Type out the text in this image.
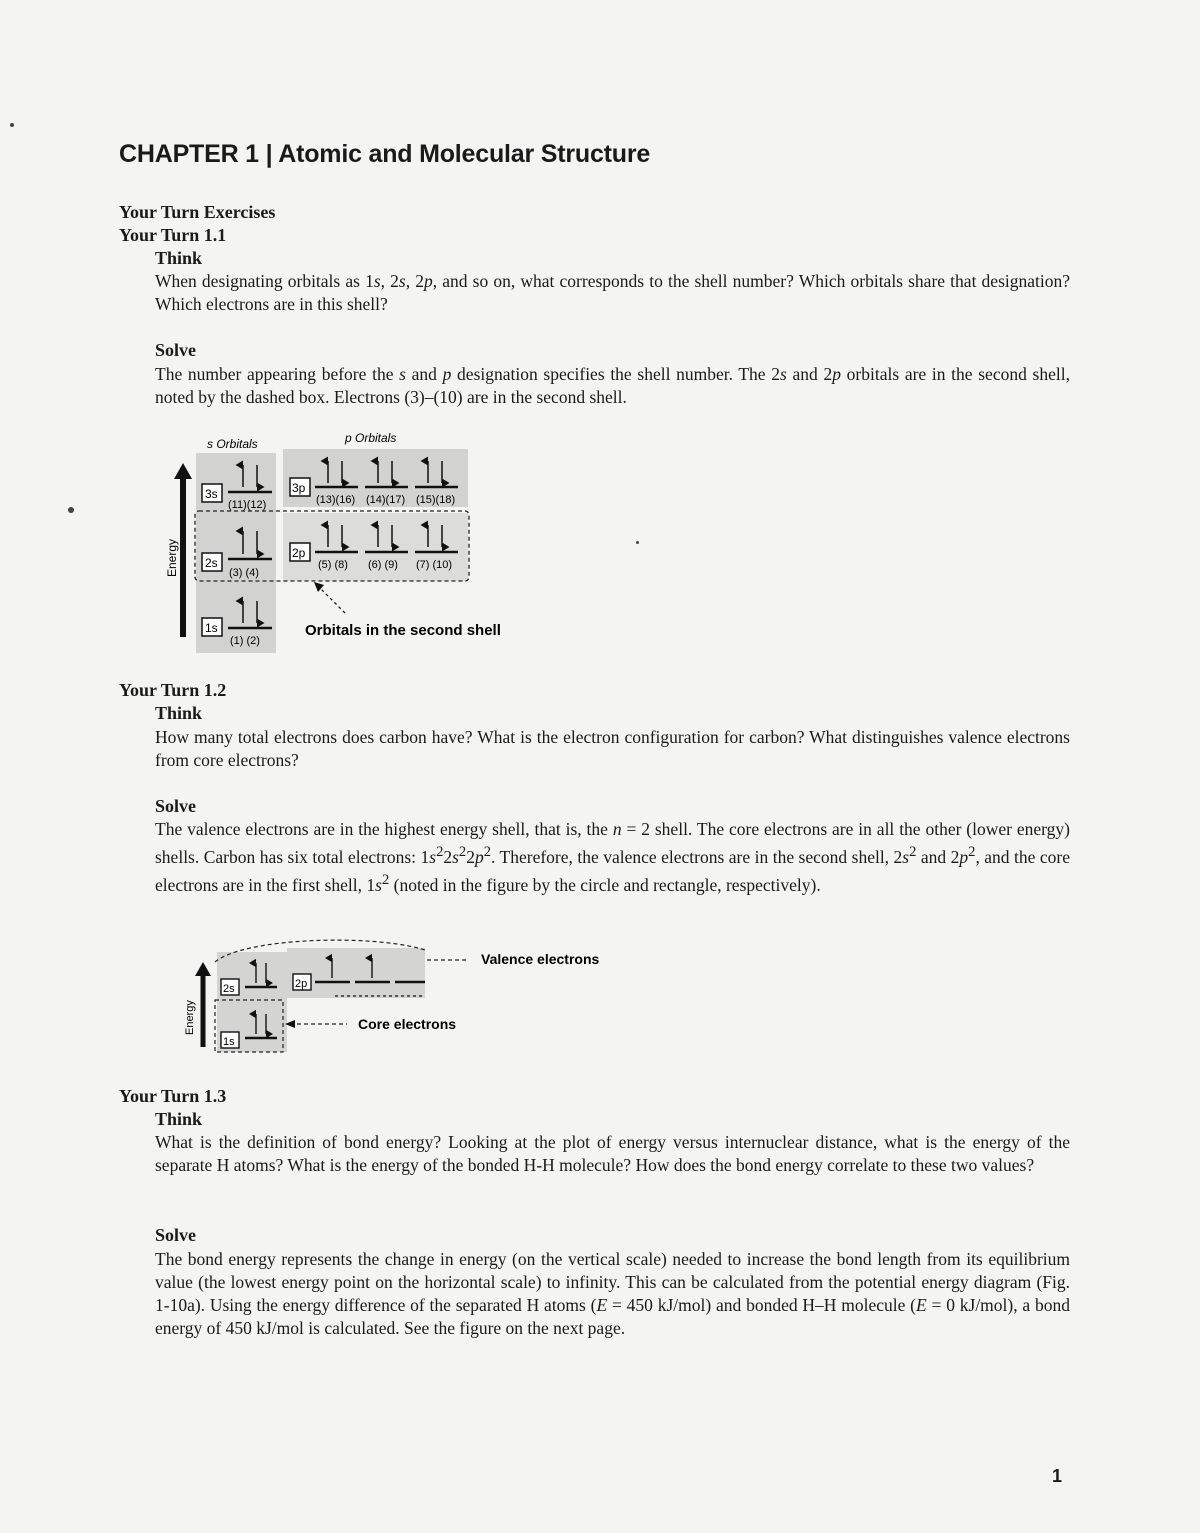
CHAPTER 1 | Atomic and Molecular Structure
Your Turn Exercises
Your Turn 1.1
Think
When designating orbitals as 1s, 2s, 2p, and so on, what corresponds to the shell number? Which orbitals share that designation? Which electrons are in this shell?
Solve
The number appearing before the s and p designation specifies the shell number. The 2s and 2p orbitals are in the second shell, noted by the dashed box. Electrons (3)–(10) are in the second shell.
s Orbitals	p Orbitals
Energy
3s
(11)(12)
3p
(13)(16) (14)(17) (15)(18)
2s
(3) (4)
2p
(5) (8) (6) (9) (7) (10)
1s
(1) (2)
Orbitals in the second shell
Your Turn 1.2
Think
How many total electrons does carbon have? What is the electron configuration for carbon? What distinguishes valence electrons from core electrons?
Solve
The valence electrons are in the highest energy shell, that is, the n = 2 shell. The core electrons are in all the other (lower energy) shells. Carbon has six total electrons: $1s^22s^22p^2$. Therefore, the valence electrons are in the second shell, $2s^2$ and $2p^2$, and the core electrons are in the first shell, $1s^2$ (noted in the figure by the circle and rectangle, respectively).
Energy
2s	2p
1s
Valence electrons
Core electrons
Your Turn 1.3
Think
What is the definition of bond energy? Looking at the plot of energy versus internuclear distance, what is the energy of the separate H atoms? What is the energy of the bonded H-H molecule? How does the bond energy correlate to these two values?
Solve
The bond energy represents the change in energy (on the vertical scale) needed to increase the bond length from its equilibrium value (the lowest energy point on the horizontal scale) to infinity. This can be calculated from the potential energy diagram (Fig. 1-10a). Using the energy difference of the separated H atoms (E = 450 kJ/mol) and bonded H–H molecule (E = 0 kJ/mol), a bond energy of 450 kJ/mol is calculated. See the figure on the next page.
1
